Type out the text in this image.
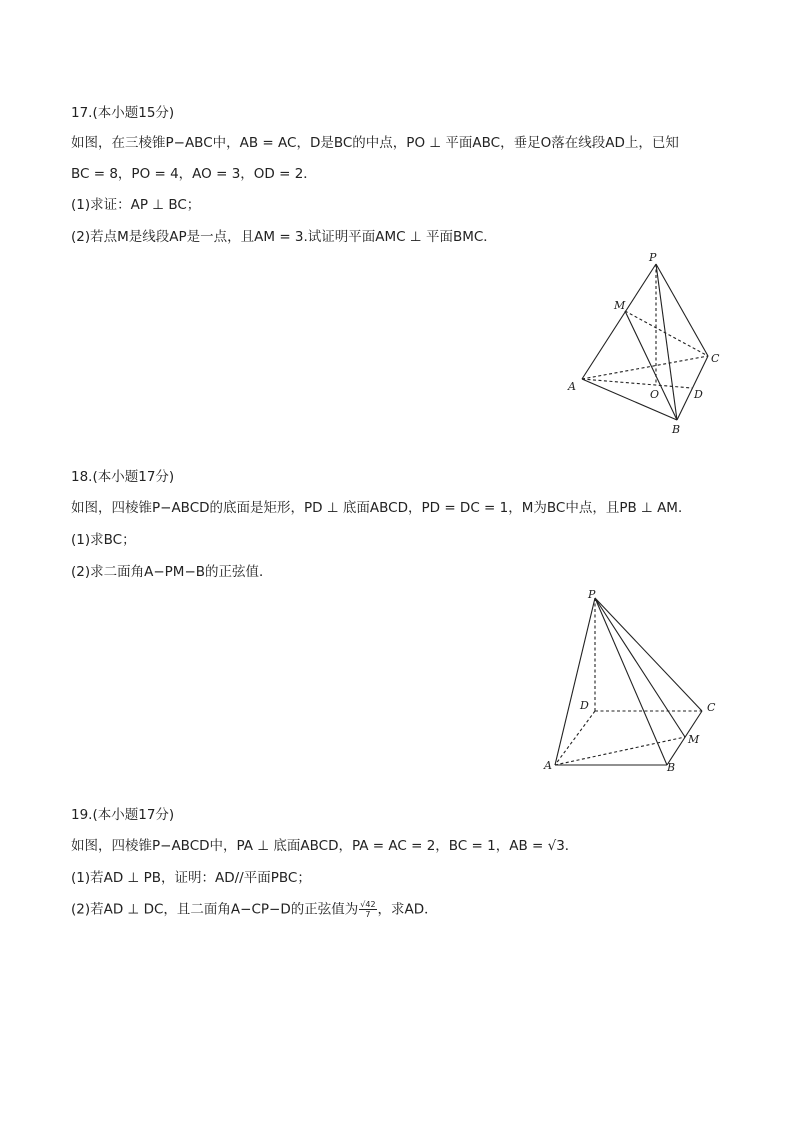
17.(本小题15分)
如图，在三棱锥P−ABC中，AB = AC，D是BC的中点，PO ⊥ 平面ABC，垂足O落在线段AD上，已知
BC = 8，PO = 4，AO = 3，OD = 2．
(1)求证：AP ⊥ BC；
(2)若点M是线段AP是一点，且AM = 3.试证明平面AMC ⊥ 平面BMC．
P
M
C
A
O	D
B
18.(本小题17分)
如图，四棱锥P−ABCD的底面是矩形，PD ⊥ 底面ABCD，PD = DC = 1，M为BC中点，且PB ⊥ AM．
(1)求BC；
(2)求二面角A−PM−B的正弦值．
P
D	C
M
A	B
19.(本小题17分)
如图，四棱锥P−ABCD中，PA ⊥ 底面ABCD，PA = AC = 2，BC = 1，AB = √3．
(1)若AD ⊥ PB，证明：AD//平面PBC；
(2)若AD ⊥ DC，且二面角A−CP−D的正弦值为 $\frac{√42}{7}$ ，求AD．
